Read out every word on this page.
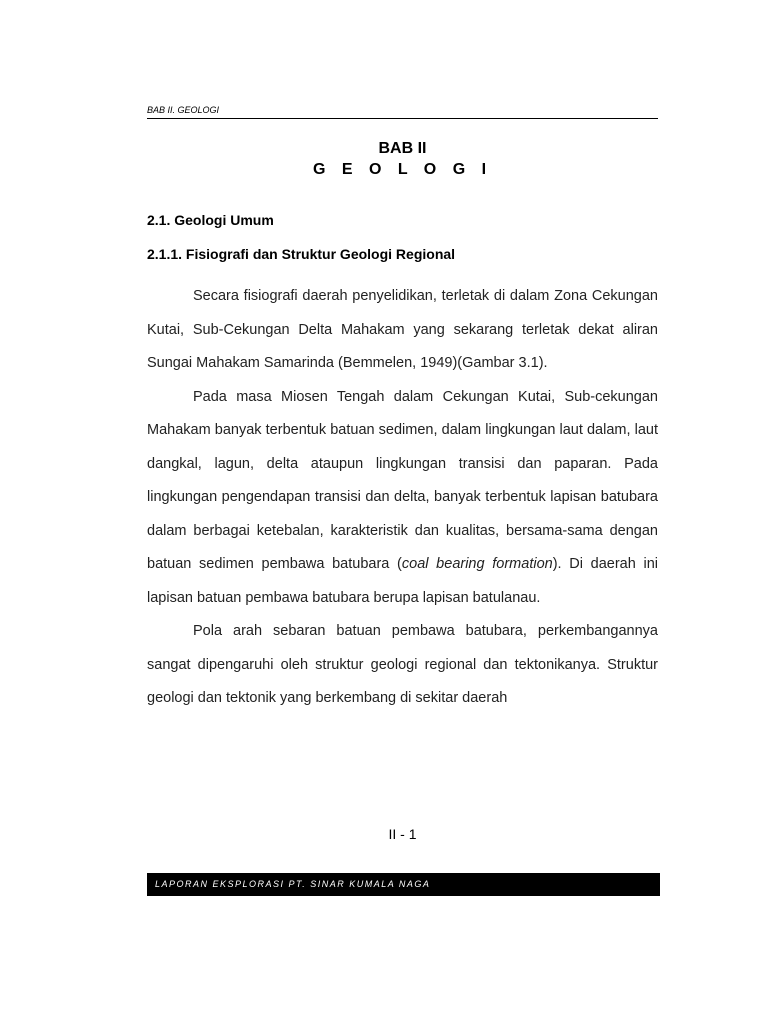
BAB II. GEOLOGI
BAB II
G E O L O G I
2.1. Geologi Umum
2.1.1. Fisiografi dan Struktur Geologi Regional

Secara fisiografi daerah penyelidikan, terletak di dalam Zona Cekungan Kutai, Sub-Cekungan Delta Mahakam yang sekarang terletak dekat aliran Sungai Mahakam Samarinda (Bemmelen, 1949)(Gambar 3.1).

Pada masa Miosen Tengah dalam Cekungan Kutai, Sub-cekungan Mahakam banyak terbentuk batuan sedimen, dalam lingkungan laut dalam, laut dangkal, lagun, delta ataupun lingkungan transisi dan paparan. Pada lingkungan pengendapan transisi dan delta, banyak terbentuk lapisan batubara dalam berbagai ketebalan, karakteristik dan kualitas, bersama-sama dengan batuan sedimen pembawa batubara (coal bearing formation). Di daerah ini lapisan batuan pembawa batubara berupa lapisan batulanau.

Pola arah sebaran batuan pembawa batubara, perkembangannya sangat dipengaruhi oleh struktur geologi regional dan tektonikanya. Struktur geologi dan tektonik yang berkembang di sekitar daerah

II - 1
LAPORAN EKSPLORASI PT. SINAR KUMALA NAGA
